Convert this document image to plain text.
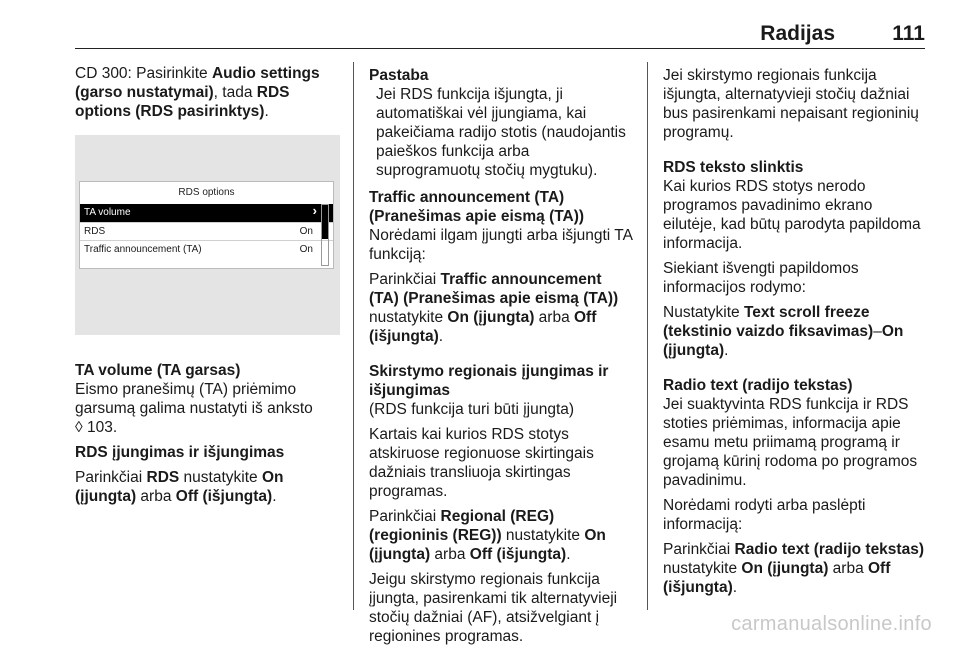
Radijas	111

CD 300: Pasirinkite Audio settings (garso nustatymai), tada RDS options (RDS pasirinktys).

RDS options
TA volume	›
RDS	On
Traffic announcement (TA)	On

TA volume (TA garsas)

Eismo pranešimų (TA) priėmimo garsumą galima nustatyti iš anksto
◊ 103.

RDS įjungimas ir išjungimas

Parinkčiai RDS nustatykite On (įjungta) arba Off (išjungta).

Pastaba

Jei RDS funkcija išjungta, ji automatiškai vėl įjungiama, kai pakeičiama radijo stotis (naudojantis paieškos funkcija arba suprogramuotų stočių mygtuku).

Traffic announcement (TA) (Pranešimas apie eismą (TA))

Norėdami ilgam įjungti arba išjungti TA funkciją:

Parinkčiai Traffic announcement (TA) (Pranešimas apie eismą (TA)) nustatykite On (įjungta) arba Off (išjungta).

Skirstymo regionais įjungimas ir išjungimas

(RDS funkcija turi būti įjungta)

Kartais kai kurios RDS stotys atskiruose regionuose skirtingais dažniais transliuoja skirtingas programas.

Parinkčiai Regional (REG) (regioninis (REG)) nustatykite On (įjungta) arba Off (išjungta).

Jeigu skirstymo regionais funkcija įjungta, pasirenkami tik alternatyvieji stočių dažniai (AF), atsižvelgiant į regionines programas.

Jei skirstymo regionais funkcija išjungta, alternatyvieji stočių dažniai bus pasirenkami nepaisant regioninių programų.

RDS teksto slinktis

Kai kurios RDS stotys nerodo programos pavadinimo ekrano eilutėje, kad būtų parodyta papildoma informacija.

Siekiant išvengti papildomos informacijos rodymo:

Nustatykite Text scroll freeze (tekstinio vaizdo fiksavimas)–On (įjungta).

Radio text (radijo tekstas)

Jei suaktyvinta RDS funkcija ir RDS stoties priėmimas, informacija apie esamu metu priimamą programą ir grojamą kūrinį rodoma po programos pavadinimu.

Norėdami rodyti arba paslėpti informaciją:

Parinkčiai Radio text (radijo tekstas) nustatykite On (įjungta) arba Off (išjungta).

carmanualsonline.info
